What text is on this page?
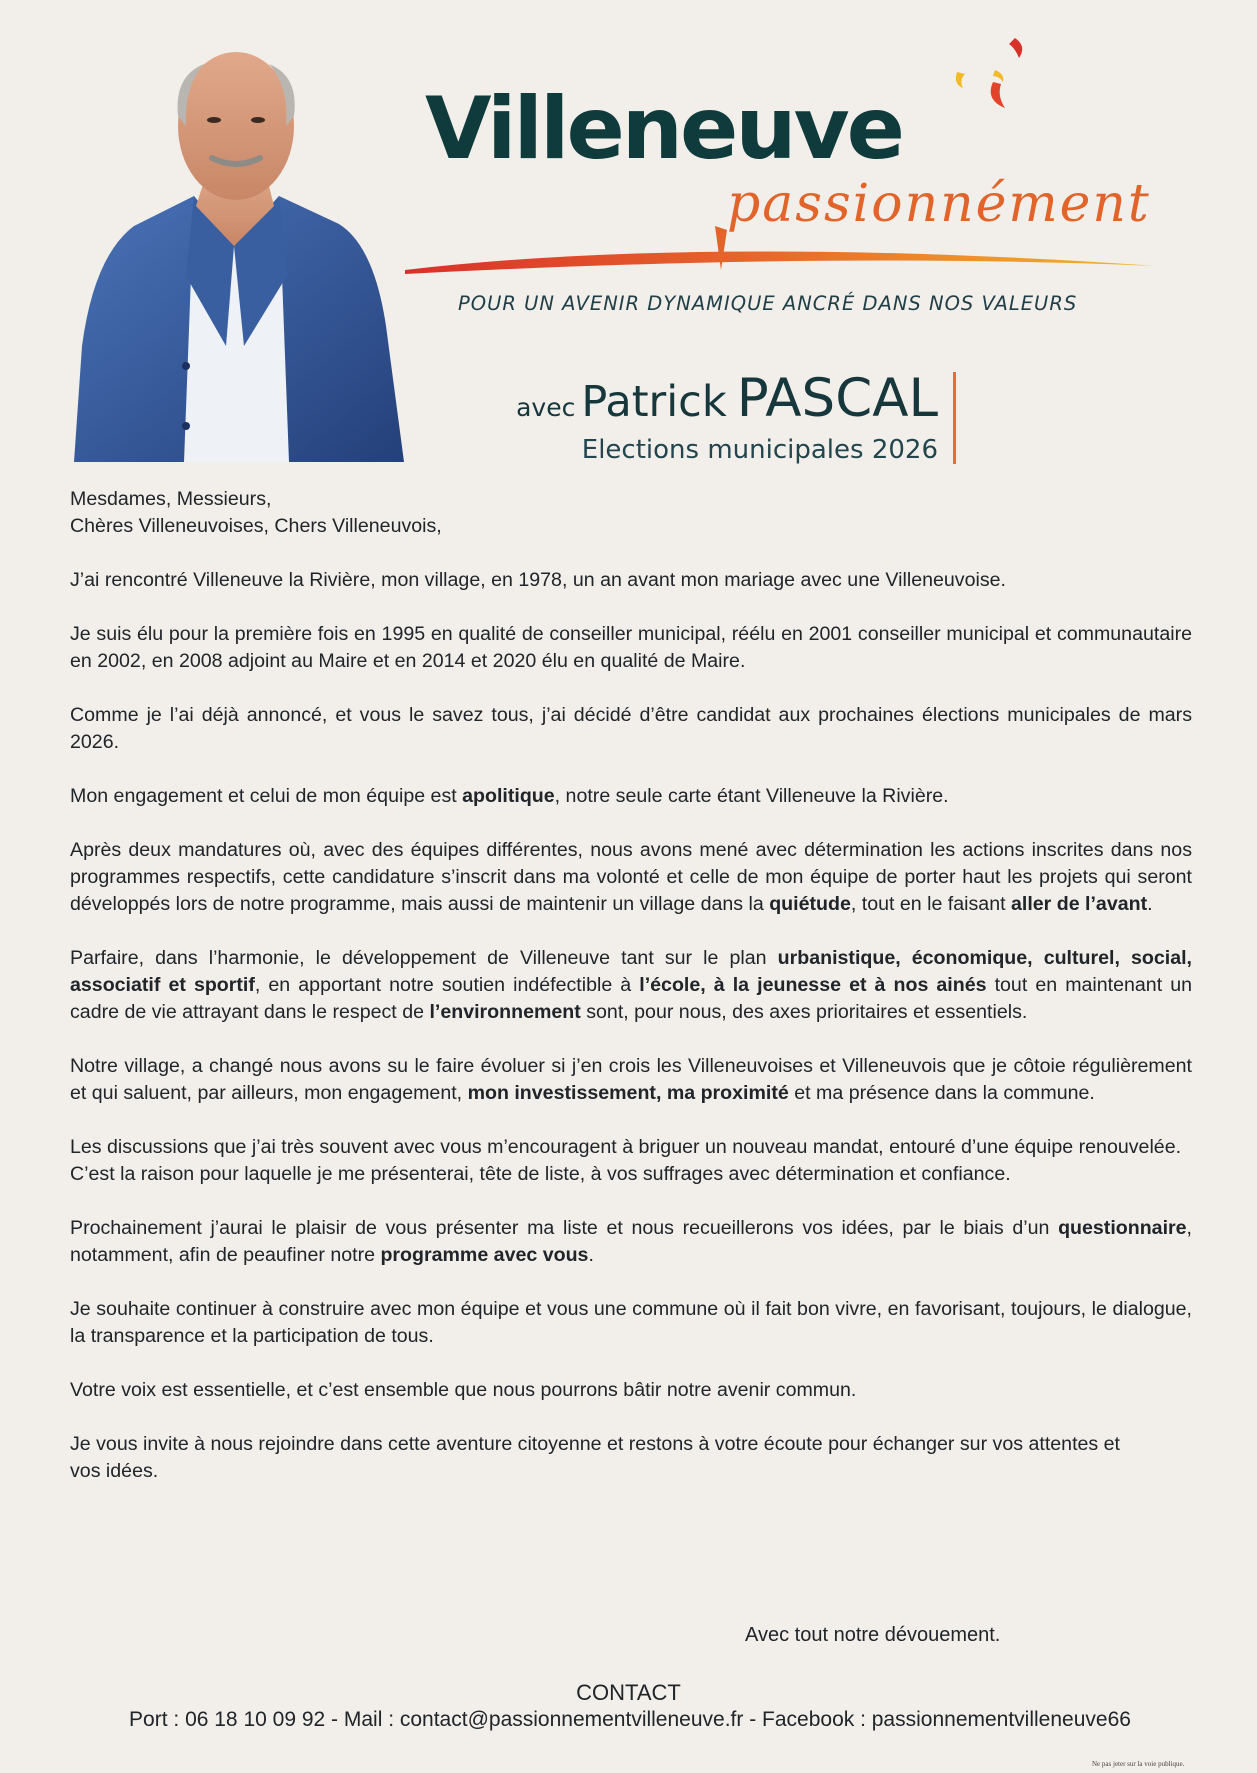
Villeneuve
passionnément
POUR UN AVENIR DYNAMIQUE ANCRÉ DANS NOS VALEURS
avec Patrick PASCAL
Elections municipales 2026

Mesdames, Messieurs,
Chères Villeneuvoises, Chers Villeneuvois,

J’ai rencontré Villeneuve la Rivière, mon village, en 1978, un an avant mon mariage avec une Villeneuvoise.

Je suis élu pour la première fois en 1995 en qualité de conseiller municipal, réélu en 2001 conseiller municipal et communautaire en 2002, en 2008 adjoint au Maire et en 2014 et 2020 élu en qualité de Maire.

Comme je l’ai déjà annoncé, et vous le savez tous, j’ai décidé d’être candidat aux prochaines élections municipales de mars 2026.

Mon engagement et celui de mon équipe est apolitique, notre seule carte étant Villeneuve la Rivière.

Après deux mandatures où, avec des équipes différentes, nous avons mené avec détermination les actions inscrites dans nos programmes respectifs, cette candidature s’inscrit dans ma volonté et celle de mon équipe de porter haut les projets qui seront développés lors de notre programme, mais aussi de maintenir un village dans la quiétude, tout en le faisant aller de l’avant.

Parfaire, dans l’harmonie, le développement de Villeneuve tant sur le plan urbanistique, économique, culturel, social, associatif et sportif, en apportant notre soutien indéfectible à l’école, à la jeunesse et à nos ainés tout en maintenant un cadre de vie attrayant dans le respect de l’environnement sont, pour nous, des axes prioritaires et essentiels.

Notre village, a changé nous avons su le faire évoluer si j’en crois les Villeneuvoises et Villeneuvois que je côtoie régulièrement et qui saluent, par ailleurs, mon engagement, mon investissement, ma proximité et ma présence dans la commune.

Les discussions que j’ai très souvent avec vous m’encouragent à briguer un nouveau mandat, entouré d’une équipe renouvelée.
C’est la raison pour laquelle je me présenterai, tête de liste, à vos suffrages avec détermination et confiance.

Prochainement j’aurai le plaisir de vous présenter ma liste et nous recueillerons vos idées, par le biais d’un questionnaire, notamment, afin de peaufiner notre programme avec vous.

Je souhaite continuer à construire avec mon équipe et vous une commune où il fait bon vivre, en favorisant, toujours, le dialogue, la transparence et la participation de tous.

Votre voix est essentielle, et c’est ensemble que nous pourrons bâtir notre avenir commun.

Je vous invite à nous rejoindre dans cette aventure citoyenne et restons à votre écoute pour échanger sur vos attentes et vos idées.

Avec tout notre dévouement.
CONTACT
Port : 06 18 10 09 92 - Mail : contact@passionnementvilleneuve.fr - Facebook : passionnementvilleneuve66
Ne pas jeter sur la voie publique.
